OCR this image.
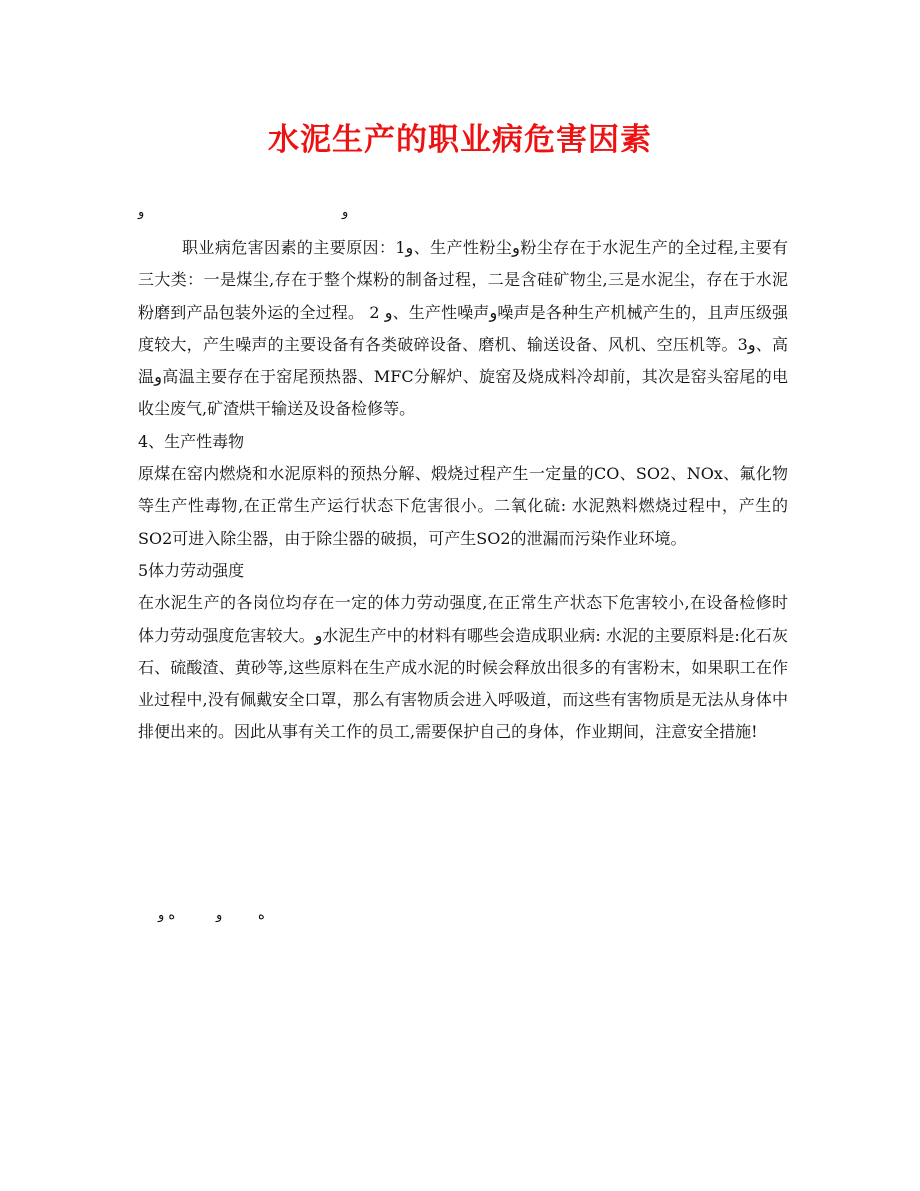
水泥生产的职业病危害因素
و	و

职业病危害因素的主要原因：1و、生产性粉尘و粉尘存在于水泥生产的全过程,主要有三大类：一是煤尘,存在于整个煤粉的制备过程，二是含硅矿物尘,三是水泥尘，存在于水泥粉磨到产品包装外运的全过程。 2 و、生产性噪声و噪声是各种生产机械产生的，且声压级强度较大，产生噪声的主要设备有各类破碎设备、磨机、输送设备、风机、空压机等。3و、高温و高温主要存在于窑尾预热器、MFC分解炉、旋窑及烧成料冷却前，其次是窑头窑尾的电收尘废气,矿渣烘干输送及设备检修等。

4、生产性毒物

原煤在窑内燃烧和水泥原料的预热分解、煅烧过程产生一定量的CO、SO2、NOx、氟化物等生产性毒物,在正常生产运行状态下危害很小。二氧化硫: 水泥熟料燃烧过程中，产生的SO2可进入除尘器，由于除尘器的破损，可产生SO2的泄漏而污染作业环境。

5体力劳动强度

在水泥生产的各岗位均存在一定的体力劳动强度,在正常生产状态下危害较小,在设备检修时体力劳动强度危害较大。و水泥生产中的材料有哪些会造成职业病: 水泥的主要原料是:化石灰石、硫酸渣、黄砂等,这些原料在生产成水泥的时候会释放出很多的有害粉末，如果职工在作业过程中,没有佩戴安全口罩，那么有害物质会进入呼吸道，而这些有害物质是无法从身体中排便出来的。因此从事有关工作的员工,需要保护自己的身体，作业期间，注意安全措施!

ه و	و	ه
